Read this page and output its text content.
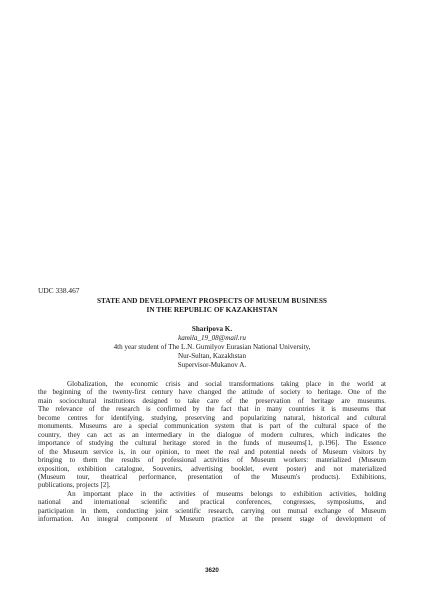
UDC 338.467
STATE AND DEVELOPMENT PROSPECTS OF MUSEUM BUSINESS
IN THE REPUBLIC OF KAZAKHSTAN
Sharipova K.
kamila_19_08@mail.ru
4th year student of The L.N. Gumilyov Eurasian National University,
Nur-Sultan, Kazakhstan
Supervisor-Mukanov A.

Globalization, the economic crisis and social transformations taking place in the world at
the beginning of the twenty-first century have changed the attitude of society to heritage. One of the
main sociocultural institutions designed to take care of the preservation of heritage are museums.
The relevance of the research is confirmed by the fact that in many countries it is museums that
become centres for identifying, studying, preserving and popularizing natural, historical and cultural
monuments. Museums are a special communication system that is part of the cultural space of the
country, they can act as an intermediary in the dialogue of modern cultures, which indicates the
importance of studying the cultural heritage stored in the funds of museums[1, p.196]. The Essence
of the Museum service is, in our opinion, to meet the real and potential needs of Museum visitors by
bringing to them the results of professional activities of Museum workers: materialized (Museum
exposition, exhibition catalogue, Souvenirs, advertising booklet, event poster) and not materialized
(Museum tour, theatrical performance, presentation of the Museum's products). Exhibitions,
publications, projects [2].

An important place in the activities of museums belongs to exhibition activities, holding
national and international scientific and practical conferences, congresses, symposiums, and
participation in them, conducting joint scientific research, carrying out mutual exchange of Museum
information. An integral component of Museum practice at the present stage of development of

3620
